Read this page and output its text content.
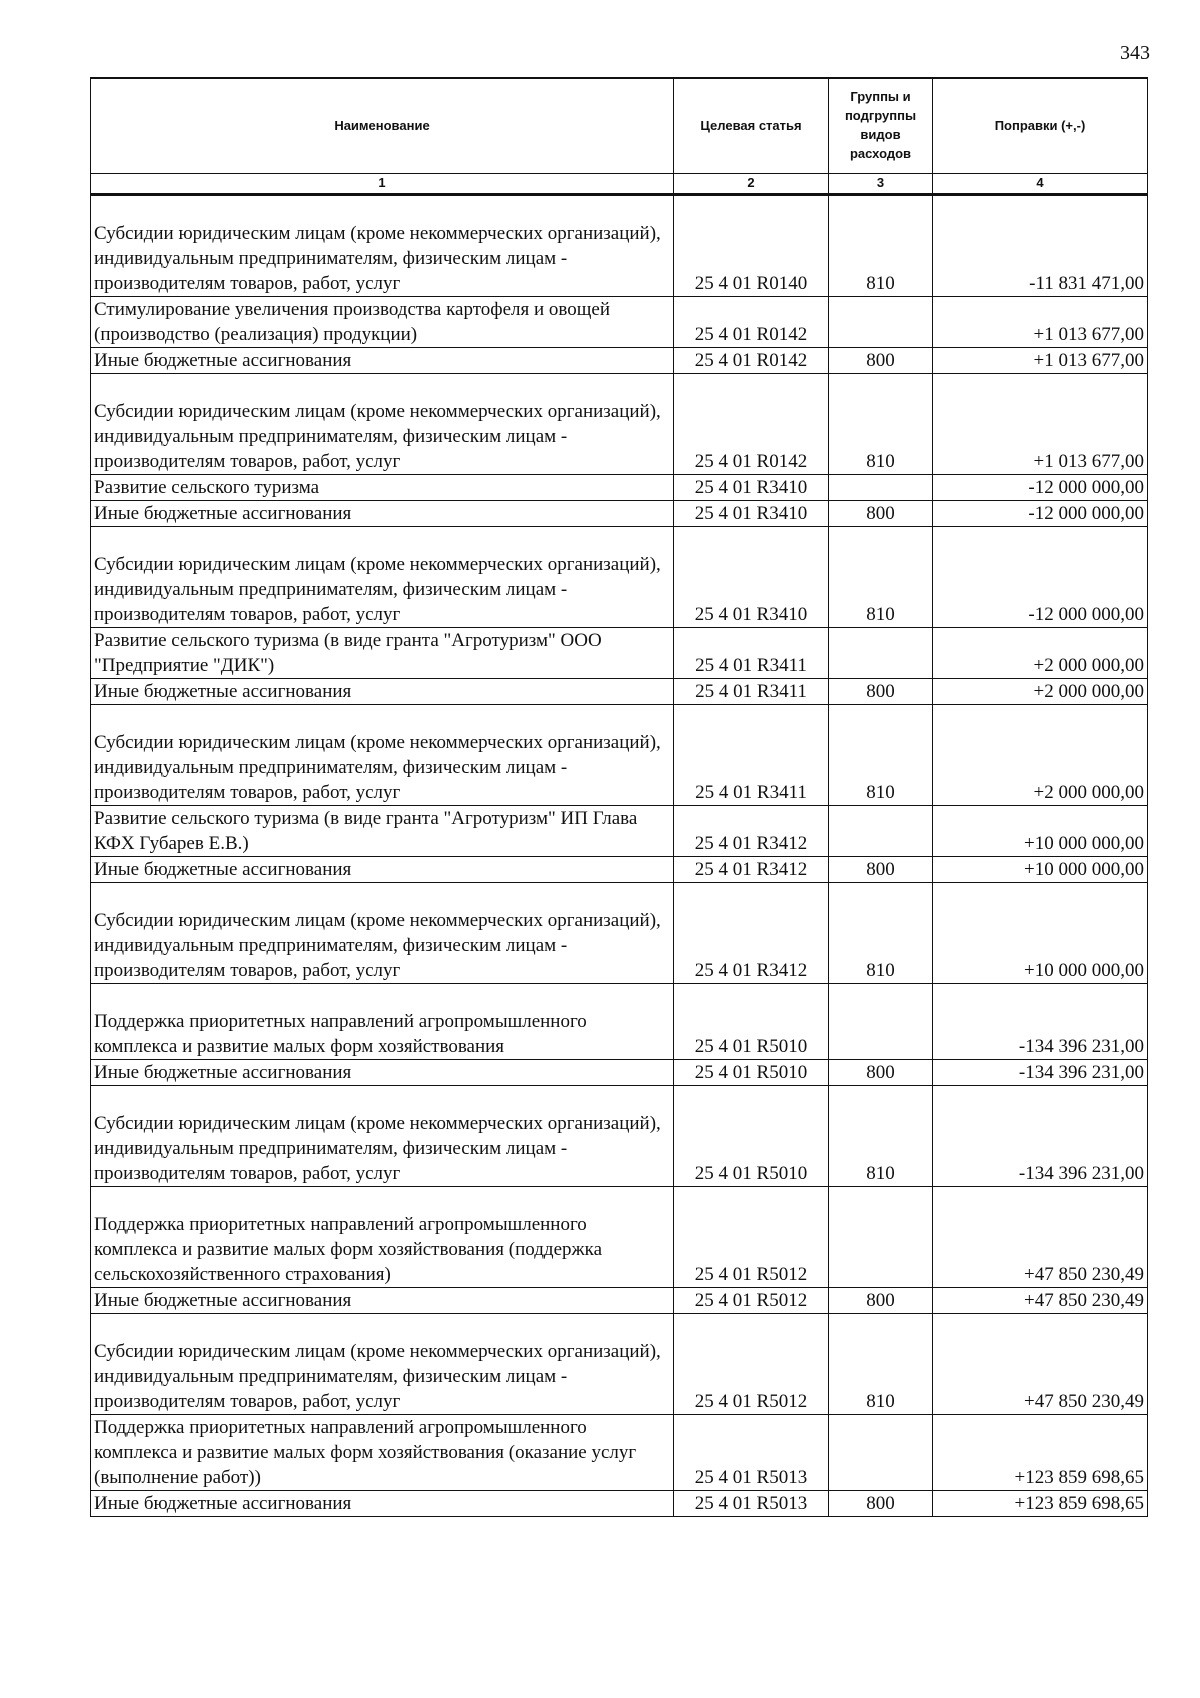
343
Наименование	Целевая статья	Группы и подгруппы видов расходов	Поправки (+,-)
1	2	3	4

Субсидии юридическим лицам (кроме некоммерческих организаций), индивидуальным предпринимателям, физическим лицам - производителям товаров, работ, услуг	25 4 01 R0140	810	-11 831 471,00
Стимулирование увеличения производства картофеля и овощей (производство (реализация) продукции)	25 4 01 R0142		+1 013 677,00
Иные бюджетные ассигнования	25 4 01 R0142	800	+1 013 677,00
Субсидии юридическим лицам (кроме некоммерческих организаций), индивидуальным предпринимателям, физическим лицам - производителям товаров, работ, услуг	25 4 01 R0142	810	+1 013 677,00
Развитие сельского туризма	25 4 01 R3410		-12 000 000,00
Иные бюджетные ассигнования	25 4 01 R3410	800	-12 000 000,00
Субсидии юридическим лицам (кроме некоммерческих организаций), индивидуальным предпринимателям, физическим лицам - производителям товаров, работ, услуг	25 4 01 R3410	810	-12 000 000,00
Развитие сельского туризма (в виде гранта "Агротуризм" ООО "Предприятие "ДИК")	25 4 01 R3411		+2 000 000,00
Иные бюджетные ассигнования	25 4 01 R3411	800	+2 000 000,00
Субсидии юридическим лицам (кроме некоммерческих организаций), индивидуальным предпринимателям, физическим лицам - производителям товаров, работ, услуг	25 4 01 R3411	810	+2 000 000,00
Развитие сельского туризма (в виде гранта "Агротуризм" ИП Глава КФХ Губарев Е.В.)	25 4 01 R3412		+10 000 000,00
Иные бюджетные ассигнования	25 4 01 R3412	800	+10 000 000,00
Субсидии юридическим лицам (кроме некоммерческих организаций), индивидуальным предпринимателям, физическим лицам - производителям товаров, работ, услуг	25 4 01 R3412	810	+10 000 000,00
Поддержка приоритетных направлений агропромышленного комплекса и развитие малых форм хозяйствования	25 4 01 R5010		-134 396 231,00
Иные бюджетные ассигнования	25 4 01 R5010	800	-134 396 231,00
Субсидии юридическим лицам (кроме некоммерческих организаций), индивидуальным предпринимателям, физическим лицам - производителям товаров, работ, услуг	25 4 01 R5010	810	-134 396 231,00
Поддержка приоритетных направлений агропромышленного комплекса и развитие малых форм хозяйствования (поддержка сельскохозяйственного страхования)	25 4 01 R5012		+47 850 230,49
Иные бюджетные ассигнования	25 4 01 R5012	800	+47 850 230,49
Субсидии юридическим лицам (кроме некоммерческих организаций), индивидуальным предпринимателям, физическим лицам - производителям товаров, работ, услуг	25 4 01 R5012	810	+47 850 230,49
Поддержка приоритетных направлений агропромышленного комплекса и развитие малых форм хозяйствования (оказание услуг (выполнение работ))	25 4 01 R5013		+123 859 698,65
Иные бюджетные ассигнования	25 4 01 R5013	800	+123 859 698,65
